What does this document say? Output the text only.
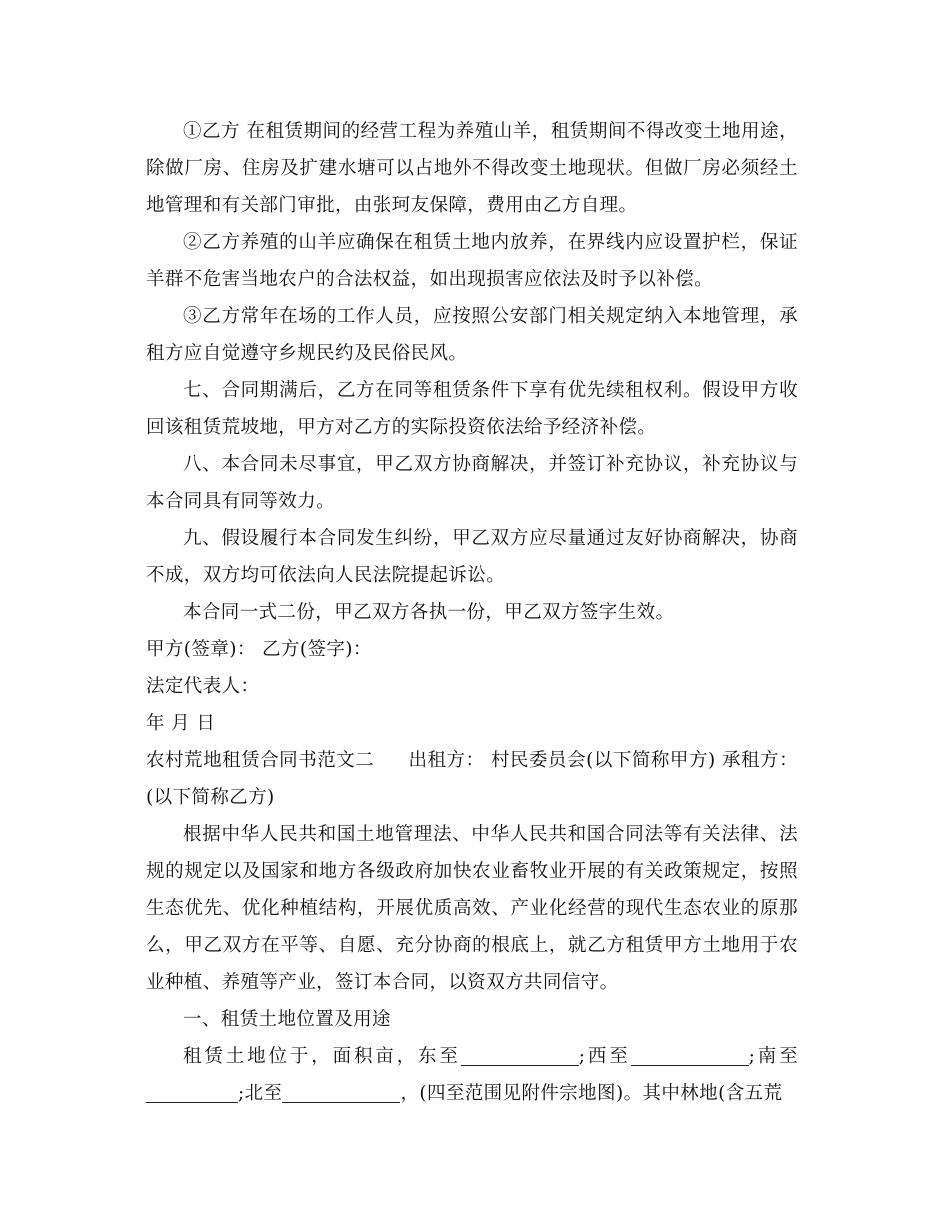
①乙方 在租赁期间的经营工程为养殖山羊，租赁期间不得改变土地用途，除做厂房、住房及扩建水塘可以占地外不得改变土地现状。但做厂房必须经土地管理和有关部门审批，由张珂友保障，费用由乙方自理。

②乙方养殖的山羊应确保在租赁土地内放养，在界线内应设置护栏，保证羊群不危害当地农户的合法权益，如出现损害应依法及时予以补偿。

③乙方常年在场的工作人员，应按照公安部门相关规定纳入本地管理，承租方应自觉遵守乡规民约及民俗民风。

七、合同期满后，乙方在同等租赁条件下享有优先续租权利。假设甲方收回该租赁荒坡地，甲方对乙方的实际投资依法给予经济补偿。

八、本合同未尽事宜，甲乙双方协商解决，并签订补充协议，补充协议与本合同具有同等效力。

九、假设履行本合同发生纠纷，甲乙双方应尽量通过友好协商解决，协商不成，双方均可依法向人民法院提起诉讼。

本合同一式二份，甲乙双方各执一份，甲乙双方签字生效。

甲方(签章)： 乙方(签字)：

法定代表人：

年 月 日

农村荒地租赁合同书范文二 出租方： 村民委员会(以下简称甲方) 承租方：(以下简称乙方)

根据中华人民共和国土地管理法、中华人民共和国合同法等有关法律、法规的规定以及国家和地方各级政府加快农业畜牧业开展的有关政策规定，按照生态优先、优化种植结构，开展优质高效、产业化经营的现代生态农业的原那么，甲乙双方在平等、自愿、充分协商的根底上，就乙方租赁甲方土地用于农业种植、养殖等产业，签订本合同，以资双方共同信守。

一、租赁土地位置及用途

租赁土地位于，面积亩，东至	;西至	;南至;北至	，(四至范围见附件宗地图)。其中林地(含五荒
